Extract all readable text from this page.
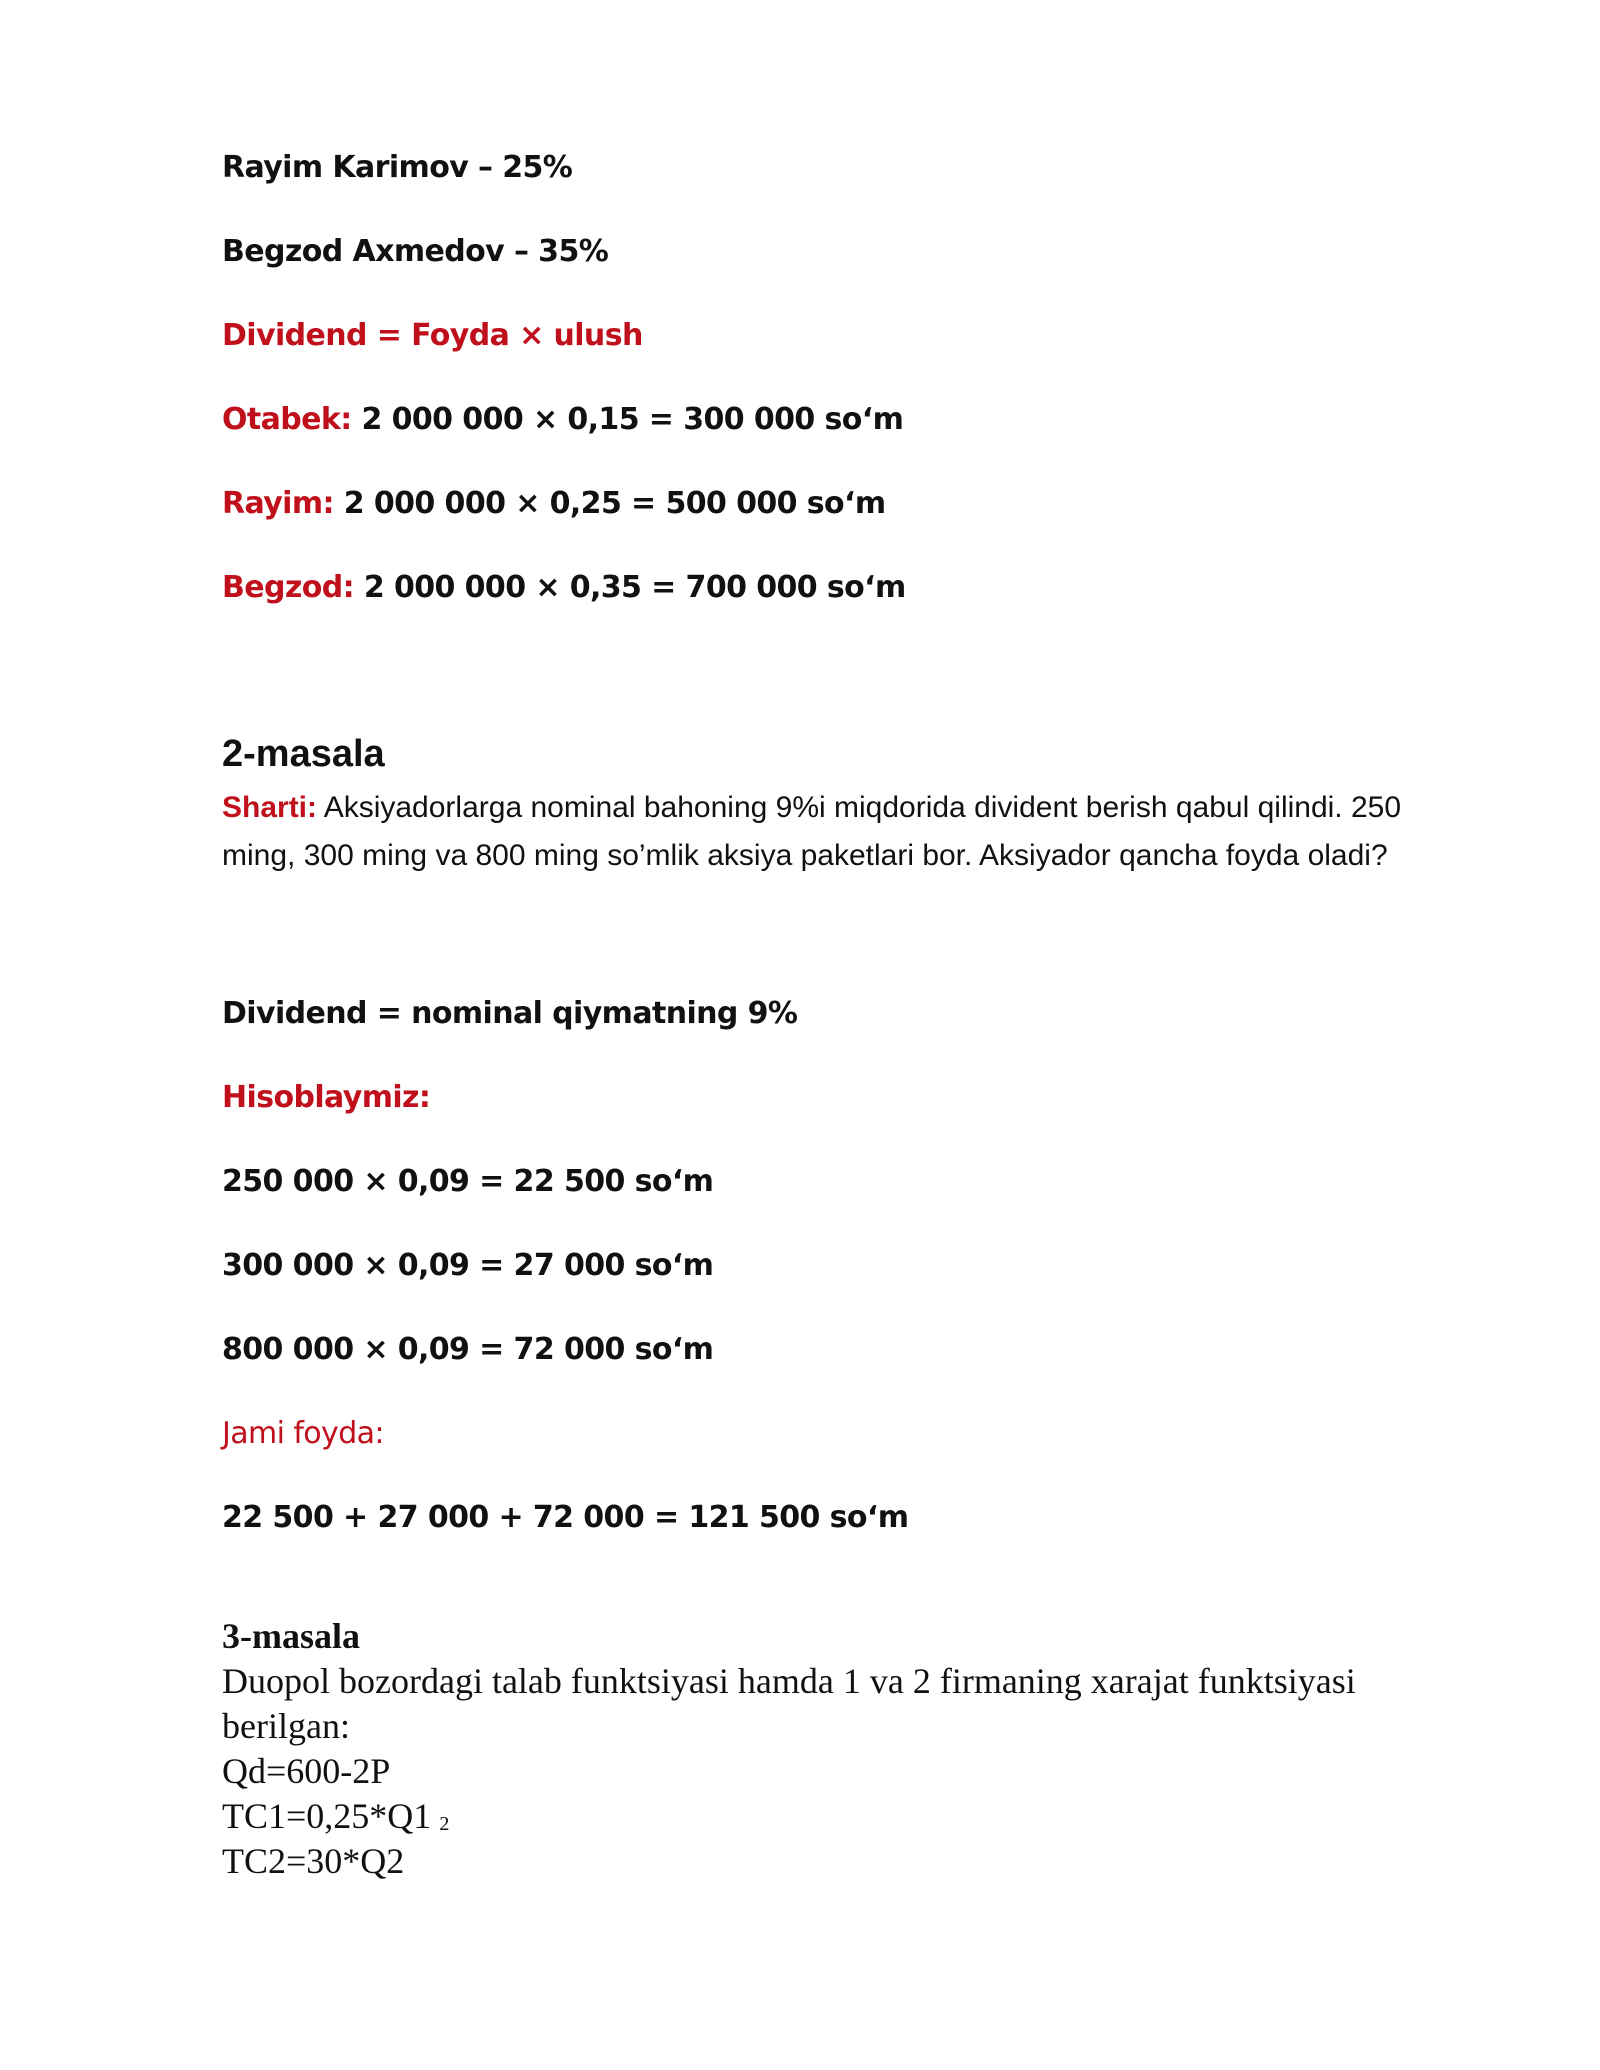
Rayim Karimov – 25%
Begzod Axmedov – 35%
Dividend = Foyda × ulush
Otabek: 2 000 000 × 0,15 = 300 000 so‘m
Rayim: 2 000 000 × 0,25 = 500 000 so‘m
Begzod: 2 000 000 × 0,35 = 700 000 so‘m
2-masala
Sharti: Aksiyadorlarga nominal bahoning 9%i miqdorida divident berish qabul qilindi. 250 ming, 300 ming va 800 ming so’mlik aksiya paketlari bor. Aksiyador qancha foyda oladi?
Dividend = nominal qiymatning 9%
Hisoblaymiz:
250 000 × 0,09 = 22 500 so‘m
300 000 × 0,09 = 27 000 so‘m
800 000 × 0,09 = 72 000 so‘m
Jami foyda:
22 500 + 27 000 + 72 000 = 121 500 so‘m
3-masala
Duopol bozordagi talab funktsiyasi hamda 1 va 2 firmaning xarajat funktsiyasi
berilgan:
Qd=600-2P
TC1=0,25*Q1 $_2$
TC2=30*Q2
